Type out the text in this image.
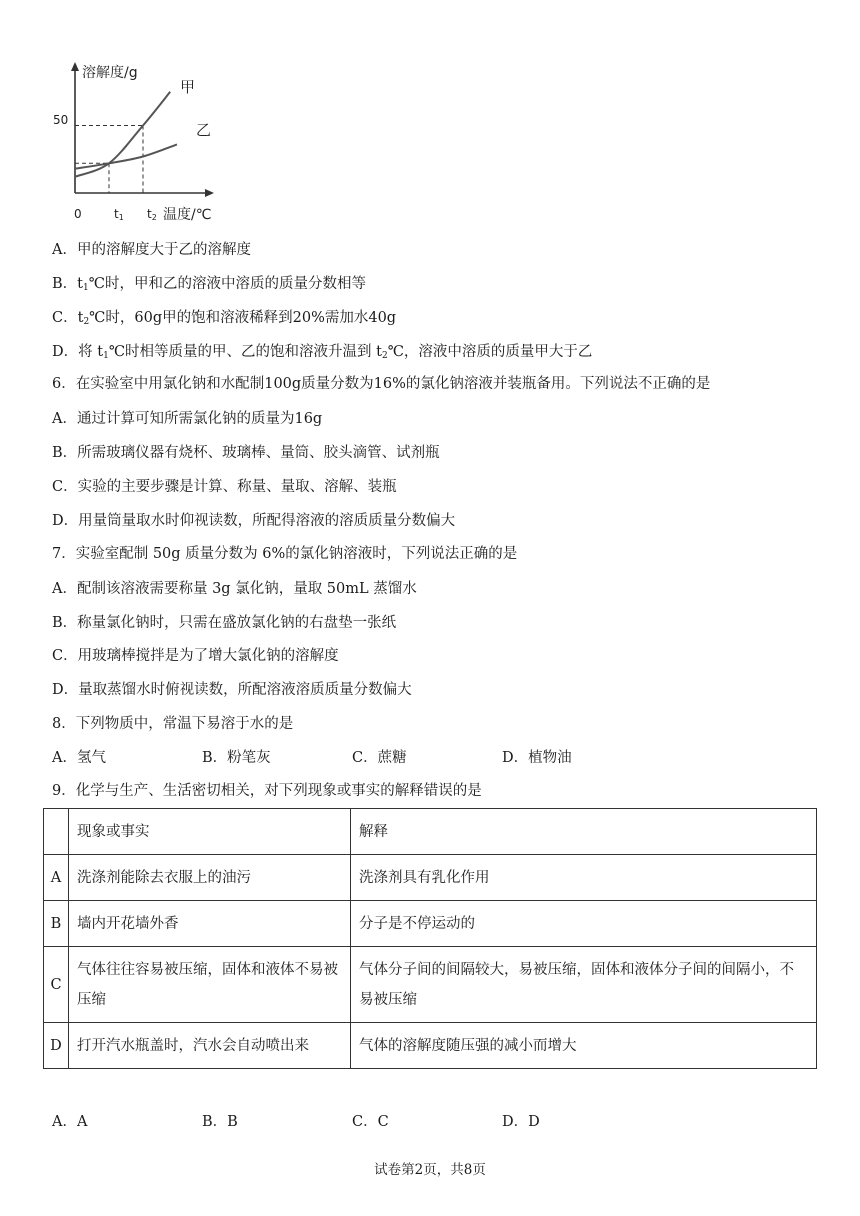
溶解度/g
甲
乙
50
0	t1 t2 温度/℃
A．甲的溶解度大于乙的溶解度
B．$t_1℃$时，甲和乙的溶液中溶质的质量分数相等
C．$t_2℃$时，60g甲的饱和溶液稀释到20%需加水40g
D．将 $t_1℃$时相等质量的甲、乙的饱和溶液升温到 $t_2℃$，溶液中溶质的质量甲大于乙
6．在实验室中用氯化钠和水配制100g质量分数为16%的氯化钠溶液并装瓶备用。下列说法不正确的是
A．通过计算可知所需氯化钠的质量为16g
B．所需玻璃仪器有烧杯、玻璃棒、量筒、胶头滴管、试剂瓶
C．实验的主要步骤是计算、称量、量取、溶解、装瓶
D．用量筒量取水时仰视读数，所配得溶液的溶质质量分数偏大
7．实验室配制 50g 质量分数为 6%的氯化钠溶液时，下列说法正确的是
A．配制该溶液需要称量 3g 氯化钠，量取 50mL 蒸馏水
B．称量氯化钠时，只需在盛放氯化钠的右盘垫一张纸
C．用玻璃棒搅拌是为了增大氯化钠的溶解度
D．量取蒸馏水时俯视读数，所配溶液溶质质量分数偏大
8．下列物质中，常温下易溶于水的是
A．氢气	B．粉笔灰	C．蔗糖	D．植物油
9．化学与生产、生活密切相关，对下列现象或事实的解释错误的是
	现象或事实	解释
A	洗涤剂能除去衣服上的油污	洗涤剂具有乳化作用
B	墙内开花墙外香	分子是不停运动的
C	气体往往容易被压缩，固体和液体不易被压缩	气体分子间的间隔较大，易被压缩，固体和液体分子间的间隔小，不易被压缩
D	打开汽水瓶盖时，汽水会自动喷出来	气体的溶解度随压强的减小而增大
A．A	B．B	C．C	D．D
试卷第2页，共8页
